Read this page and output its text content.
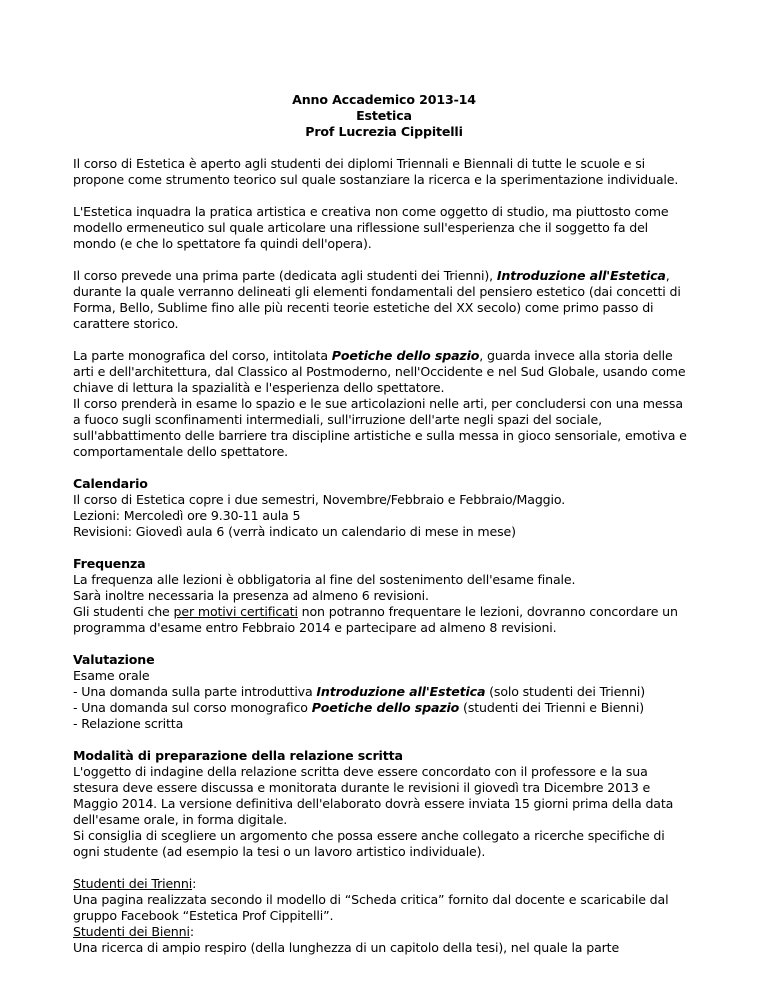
Anno Accademico 2013-14
Estetica
Prof Lucrezia Cippitelli
Il corso di Estetica è aperto agli studenti dei diplomi Triennali e Biennali di tutte le scuole e si
propone come strumento teorico sul quale sostanziare la ricerca e la sperimentazione individuale.
L'Estetica inquadra la pratica artistica e creativa non come oggetto di studio, ma piuttosto come
modello ermeneutico sul quale articolare una riflessione sull'esperienza che il soggetto fa del
mondo (e che lo spettatore fa quindi dell'opera).
Il corso prevede una prima parte (dedicata agli studenti dei Trienni), Introduzione all'Estetica,
durante la quale verranno delineati gli elementi fondamentali del pensiero estetico (dai concetti di
Forma, Bello, Sublime fino alle più recenti teorie estetiche del XX secolo) come primo passo di
carattere storico.
La parte monografica del corso, intitolata Poetiche dello spazio, guarda invece alla storia delle
arti e dell'architettura, dal Classico al Postmoderno, nell'Occidente e nel Sud Globale, usando come
chiave di lettura la spazialità e l'esperienza dello spettatore.
Il corso prenderà in esame lo spazio e le sue articolazioni nelle arti, per concludersi con una messa
a fuoco sugli sconfinamenti intermediali, sull'irruzione dell'arte negli spazi del sociale,
sull'abbattimento delle barriere tra discipline artistiche e sulla messa in gioco sensoriale, emotiva e
comportamentale dello spettatore.
Calendario
Il corso di Estetica copre i due semestri, Novembre/Febbraio e Febbraio/Maggio.
Lezioni: Mercoledì ore 9.30-11 aula 5
Revisioni: Giovedì aula 6 (verrà indicato un calendario di mese in mese)
Frequenza
La frequenza alle lezioni è obbligatoria al fine del sostenimento dell'esame finale.
Sarà inoltre necessaria la presenza ad almeno 6 revisioni.
Gli studenti che per motivi certificati non potranno frequentare le lezioni, dovranno concordare un
programma d'esame entro Febbraio 2014 e partecipare ad almeno 8 revisioni.
Valutazione
Esame orale
- Una domanda sulla parte introduttiva Introduzione all'Estetica (solo studenti dei Trienni)
- Una domanda sul corso monografico Poetiche dello spazio (studenti dei Trienni e Bienni)
- Relazione scritta
Modalità di preparazione della relazione scritta
L'oggetto di indagine della relazione scritta deve essere concordato con il professore e la sua
stesura deve essere discussa e monitorata durante le revisioni il giovedì tra Dicembre 2013 e
Maggio 2014. La versione definitiva dell'elaborato dovrà essere inviata 15 giorni prima della data
dell'esame orale, in forma digitale.
Si consiglia di scegliere un argomento che possa essere anche collegato a ricerche specifiche di
ogni studente (ad esempio la tesi o un lavoro artistico individuale).
Studenti dei Trienni:
Una pagina realizzata secondo il modello di “Scheda critica” fornito dal docente e scaricabile dal
gruppo Facebook “Estetica Prof Cippitelli”.
Studenti dei Bienni:
Una ricerca di ampio respiro (della lunghezza di un capitolo della tesi), nel quale la parte
